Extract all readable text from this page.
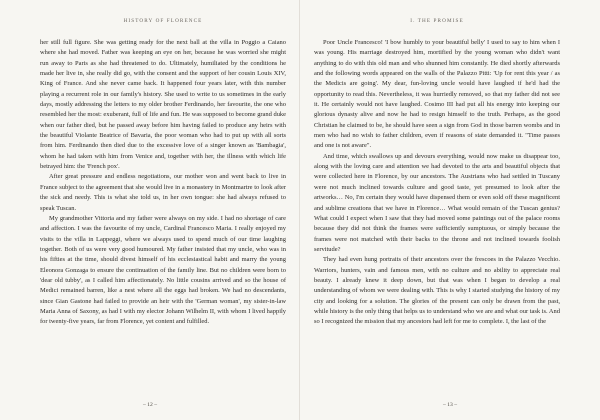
HISTORY OF FLORENCE

her still full figure. She was getting ready for the next ball at the villa in Poggio a Caiano where she had moved. Father was keeping an eye on her, because he was worried she might run away to Paris as she had threatened to do. Ultimately, humiliated by the conditions he made her live in, she really did go, with the consent and the support of her cousin Louis XIV, King of France. And she never came back. It happened four years later, with this number playing a recurrent role in our family's history. She used to write to us sometimes in the early days, mostly addressing the letters to my older brother Ferdinando, her favourite, the one who resembled her the most: exuberant, full of life and fun. He was supposed to become grand duke when our father died, but he passed away before him having failed to produce any heirs with the beautiful Violante Beatrice of Bavaria, the poor woman who had to put up with all sorts from him. Ferdinando then died due to the excessive love of a singer known as 'Bambagia', whom he had taken with him from Venice and, together with her, the illness with which life betrayed him: the 'French pox'.

After great pressure and endless negotiations, our mother won and went back to live in France subject to the agreement that she would live in a monastery in Montmartre to look after the sick and needy. This is what she told us, in her own tongue: she had always refused to speak Tuscan.

My grandmother Vittoria and my father were always on my side. I had no shortage of care and affection. I was the favourite of my uncle, Cardinal Francesco Maria. I really enjoyed my visits to the villa in Lappeggi, where we always used to spend much of our time laughing together. Both of us were very good humoured. My father insisted that my uncle, who was in his fifties at the time, should divest himself of his ecclesiastical habit and marry the young Eleonora Gonzaga to ensure the continuation of the family line. But no children were born to 'dear old tubby', as I called him affectionately. No little cousins arrived and so the house of Medici remained barren, like a nest where all the eggs had broken. We had no descendants, since Gian Gastone had failed to provide an heir with the 'German woman', my sister-in-law Maria Anna of Saxony, as had I with my elector Johann Wilhelm II, with whom I lived happily for twenty-five years, far from Florence, yet content and fulfilled.

– 12 –
I. THE PROMISE

Poor Uncle Francesco! 'I bow humbly to your beautiful belly' I used to say to him when I was young. His marriage destroyed him, mortified by the young woman who didn't want anything to do with this old man and who shunned him constantly. He died shortly afterwards and the following words appeared on the walls of the Palazzo Pitti: 'Up for rent this year / as the Medicis are going'. My dear, fun-loving uncle would have laughed if he'd had the opportunity to read this. Nevertheless, it was hurriedly removed, so that my father did not see it. He certainly would not have laughed. Cosimo III had put all his energy into keeping our glorious dynasty alive and now he had to resign himself to the truth. Perhaps, as the good Christian he claimed to be, he should have seen a sign from God in those barren wombs and in men who had no wish to father children, even if reasons of state demanded it. "Time passes and one is not aware".

And time, which swallows up and devours everything, would now make us disappear too, along with the loving care and attention we had devoted to the arts and beautiful objects that were collected here in Florence, by our ancestors. The Austrians who had settled in Tuscany were not much inclined towards culture and good taste, yet presumed to look after the artworks… No, I'm certain they would have dispensed them or even sold off these magnificent and sublime creations that we have in Florence… What would remain of the Tuscan genius? What could I expect when I saw that they had moved some paintings out of the palace rooms because they did not think the frames were sufficiently sumptuous, or simply because the frames were not matched with their backs to the throne and not inclined towards foolish servitude?

They had even hung portraits of their ancestors over the frescoes in the Palazzo Vecchio. Warriors, hunters, vain and famous men, with no culture and no ability to appreciate real beauty. I already knew it deep down, but that was when I began to develop a real understanding of whom we were dealing with. This is why I started studying the history of my city and looking for a solution. The glories of the present can only be drawn from the past, while history is the only thing that helps us to understand who we are and what our task is. And so I recognized the mission that my ancestors had left for me to complete. I, the last of the

– 13 –
